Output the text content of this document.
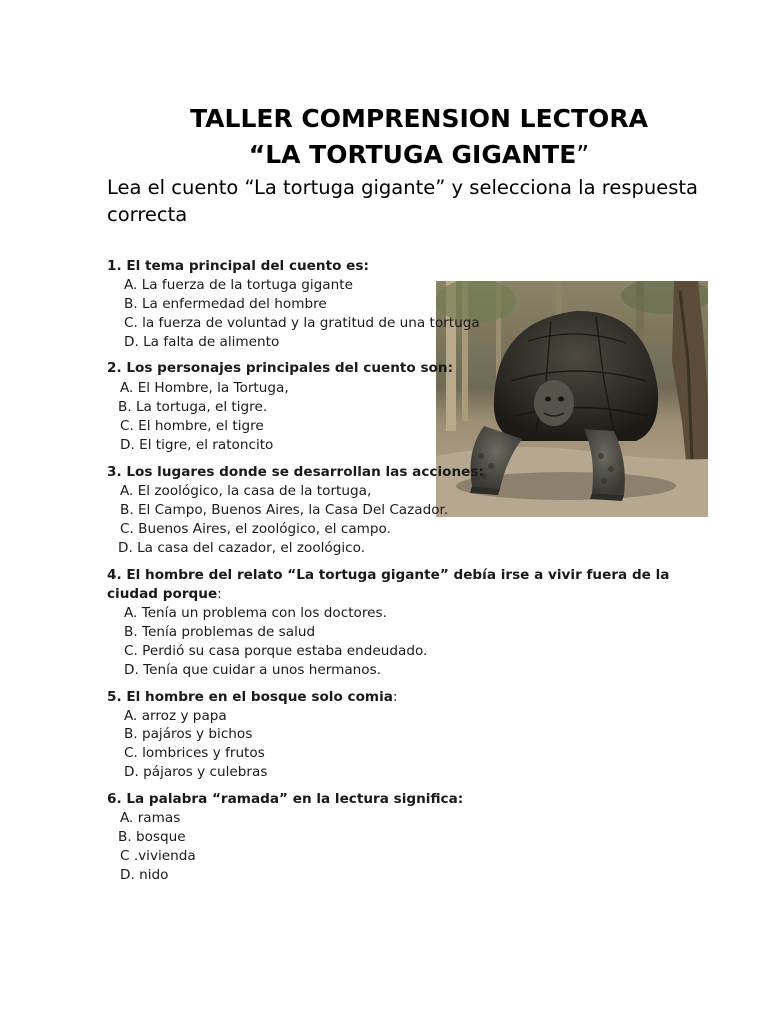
TALLER COMPRENSION LECTORA
“LA TORTUGA GIGANTE”

Lea el cuento “La tortuga gigante” y selecciona la respuesta correcta

1. El tema principal del cuento es:

A. La fuerza de la tortuga gigante

B. La enfermedad del hombre

C. la fuerza de voluntad y la gratitud de una tortuga

D. La falta de alimento

2. Los personajes principales del cuento son:

A. El Hombre, la Tortuga,

B. La tortuga, el tigre.

C. El hombre, el tigre

D. El tigre, el ratoncito

3. Los lugares donde se desarrollan las acciones:

A. El zoológico, la casa de la tortuga,

B. El Campo, Buenos Aires, la Casa Del Cazador.

C. Buenos Aires, el zoológico, el campo.

D. La casa del cazador, el zoológico.

4. El hombre del relato “La tortuga gigante” debía irse a vivir fuera de la ciudad porque:

A. Tenía un problema con los doctores.

B. Tenía problemas de salud

C. Perdió su casa porque estaba endeudado.

D. Tenía que cuidar a unos hermanos.

5. El hombre en el bosque solo comia:

A. arroz y papa

B. pajáros y bichos

C. lombrices y frutos

D. pájaros y culebras

6. La palabra “ramada” en la lectura significa:

A. ramas

B. bosque

C .vivienda

D. nido
